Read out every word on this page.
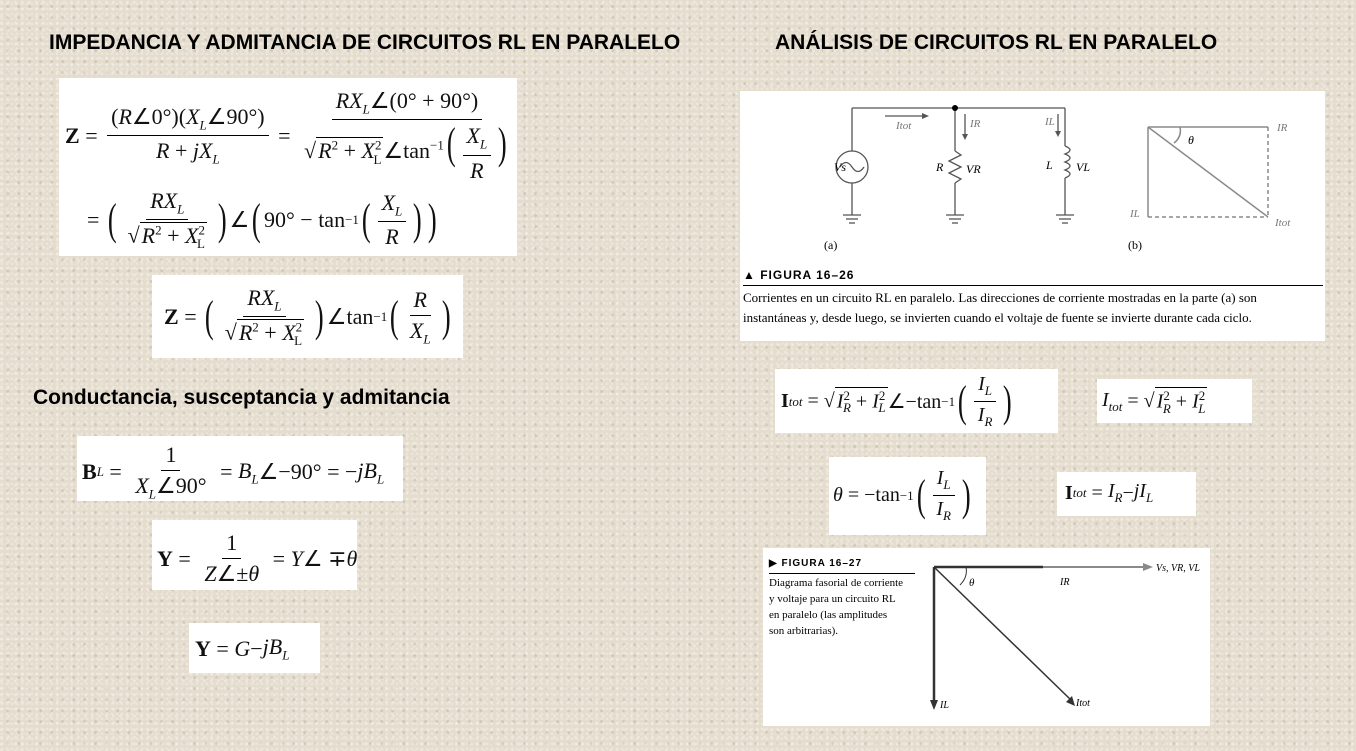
IMPEDANCIA Y ADMITANCIA DE CIRCUITOS RL EN PARALELO	ANÁLISIS DE CIRCUITOS RL EN PARALELO
Conductancia, susceptancia y admitancia
$Z = \frac{(R\angle 0^\circ)(X_L\angle 90^\circ)}{R + jX_L} = \frac{RX_L\angle(0^\circ + 90^\circ)}{√R^2 + X^2_L\angle\tan^{-1}( \frac{X_L}{R} )}$
= ( $\frac{RX_L}{√R^2 + X^2_L}$ ) ∠ ( 90° − tan −1 ( $\frac{X_L}{R}$ ) )
Z = ( $\frac{RX_L}{√R^2 + X^2_L}$ ) ∠tan −1 ( $\frac{R}{X_L}$ )
B $L = \frac{1}{X_L\angle 90^\circ} = B_L$ ∠−90° = − $jB_L$
$Y = \frac{1}{Z\angle\pm\theta} = Y$ ∠ ∓ θ
$Y = G - jB_L$
Vs	R VR	L VL
Itot	IR	IL
(a)
IR
IL
Itot
θ
(b)
▲ FIGURA 16–26
Corrientes en un circuito RL en paralelo. Las direcciones de corriente mostradas en la parte (a) son
instantáneas y, desde luego, se invierten cuando el voltaje de fuente se invierte durante cada ciclo.
I tot = √ $I^2_R + I^2_L$ ∠−tan −1 ( $\frac{I_L}{I_R}$ )	$I_{tot}$ = √ $I^2_R + I^2_L$
θ = −tan −1 ( $\frac{I_L}{I_R}$ )	I tot = $I_R - jI_L$
▶ FIGURA 16–27
Diagrama fasorial de corriente
y voltaje para un circuito RL
en paralelo (las amplitudes
son arbitrarias).
Vs, VR, VL
IR
IL	Itot
θ
